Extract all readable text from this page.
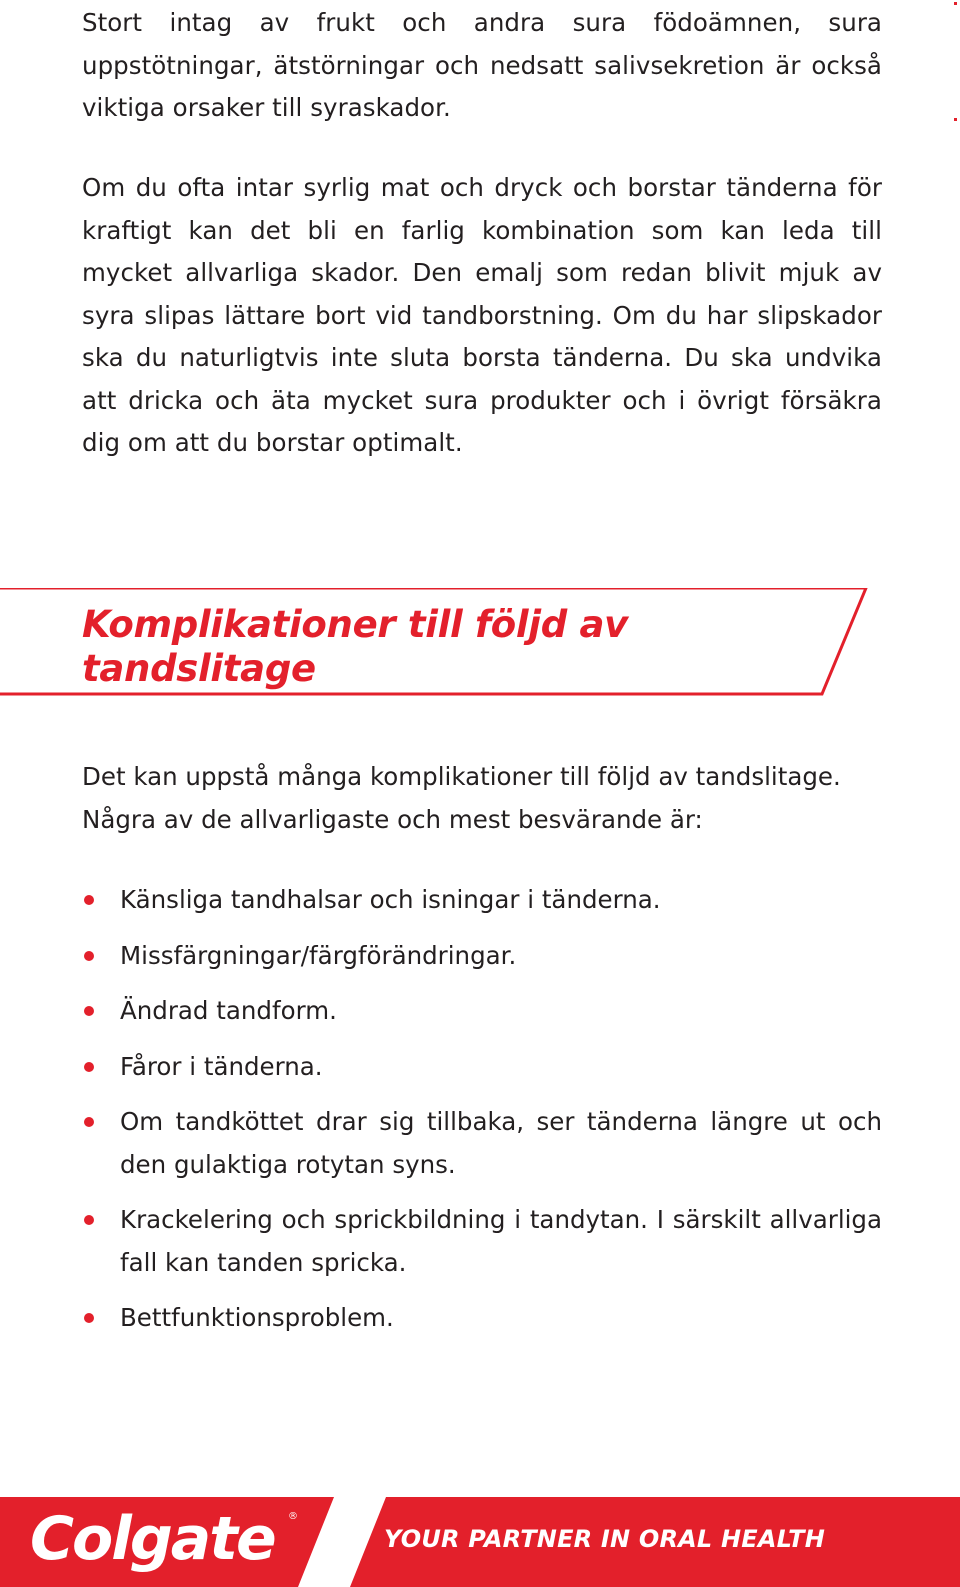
Stort intag av frukt och andra sura födoämnen, sura uppstötningar, ätstörningar och nedsatt salivsekretion är också viktiga orsaker till syraskador.

Om du ofta intar syrlig mat och dryck och borstar tänderna för kraftigt kan det bli en farlig kombination som kan leda till mycket allvarliga skador. Den emalj som redan blivit mjuk av syra slipas lättare bort vid tandborstning. Om du har slipskador ska du naturligtvis inte sluta borsta tänderna. Du ska undvika att dricka och äta mycket sura produkter och i övrigt försäkra dig om att du borstar optimalt.

Komplikationer till följd av
tandslitage

Det kan uppstå många komplikationer till följd av tandslitage. Några av de allvarligaste och mest besvärande är:

Känsliga tandhalsar och isningar i tänderna.
Missfärgningar/färgförändringar.
Ändrad tandform.
Fåror i tänderna.
Om tandköttet drar sig tillbaka, ser tänderna längre ut och den gulaktiga rotytan syns.
Krackelering och sprickbildning i tandytan. I särskilt allvarliga fall kan tanden spricka.
Bettfunktionsproblem.
Colgate ®
YOUR PARTNER IN ORAL HEALTH
